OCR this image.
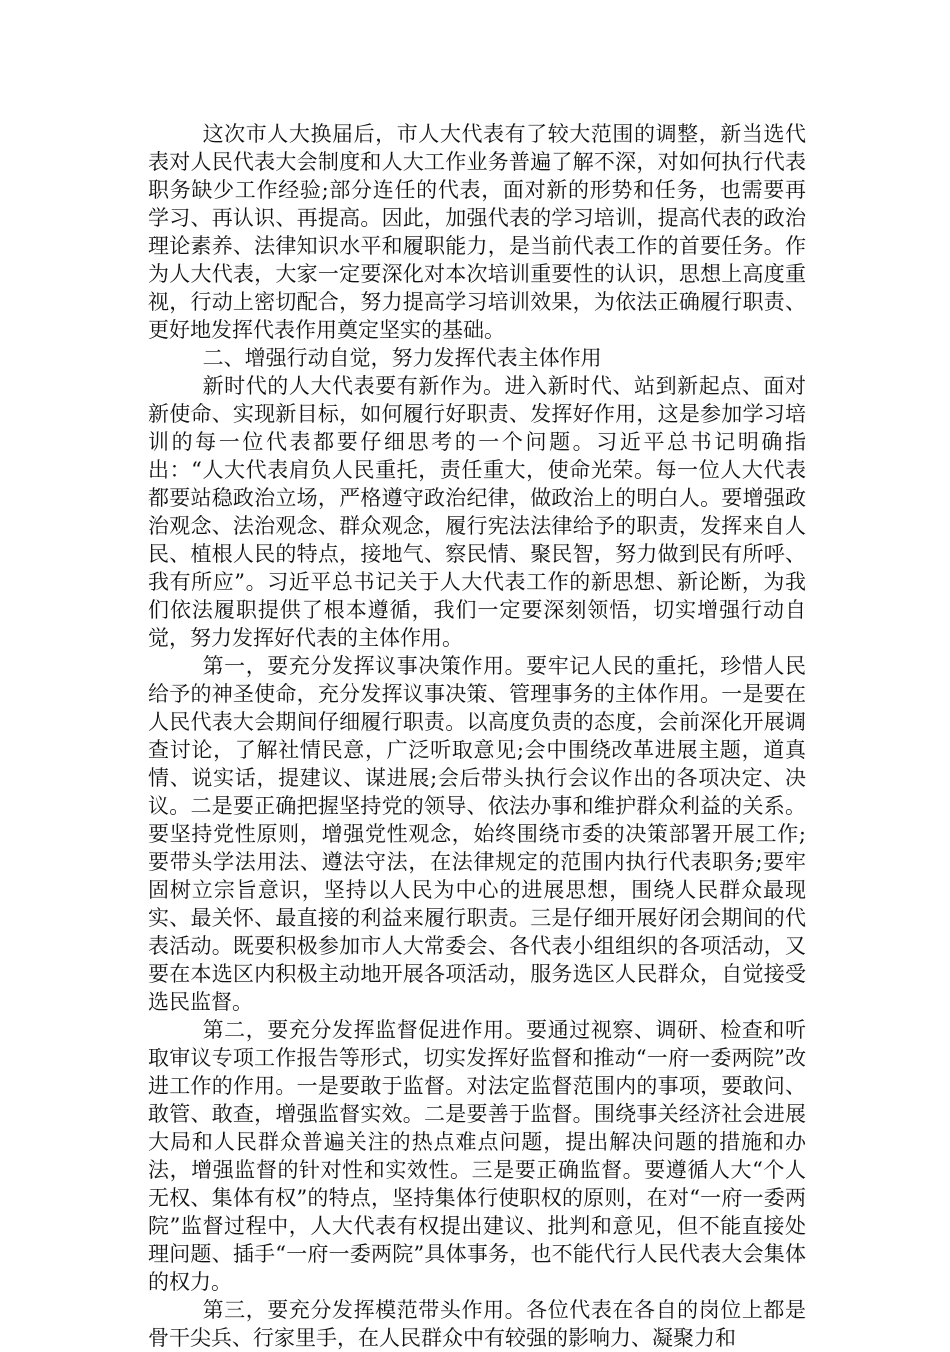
这次市人大换届后，市人大代表有了较大范围的调整，新当选代表对人民代表大会制度和人大工作业务普遍了解不深，对如何执行代表职务缺少工作经验;部分连任的代表，面对新的形势和任务，也需要再学习、再认识、再提高。因此，加强代表的学习培训，提高代表的政治理论素养、法律知识水平和履职能力，是当前代表工作的首要任务。作为人大代表，大家一定要深化对本次培训重要性的认识，思想上高度重视，行动上密切配合，努力提高学习培训效果，为依法正确履行职责、更好地发挥代表作用奠定坚实的基础。

二、增强行动自觉，努力发挥代表主体作用

新时代的人大代表要有新作为。进入新时代、站到新起点、面对新使命、实现新目标，如何履行好职责、发挥好作用，这是参加学习培训的每一位代表都要仔细思考的一个问题。习近平总书记明确指出：“人大代表肩负人民重托，责任重大，使命光荣。每一位人大代表都要站稳政治立场，严格遵守政治纪律，做政治上的明白人。要增强政治观念、法治观念、群众观念，履行宪法法律给予的职责，发挥来自人民、植根人民的特点，接地气、察民情、聚民智，努力做到民有所呼、我有所应”。习近平总书记关于人大代表工作的新思想、新论断，为我们依法履职提供了根本遵循，我们一定要深刻领悟，切实增强行动自觉，努力发挥好代表的主体作用。

第一，要充分发挥议事决策作用。要牢记人民的重托，珍惜人民给予的神圣使命，充分发挥议事决策、管理事务的主体作用。一是要在人民代表大会期间仔细履行职责。以高度负责的态度，会前深化开展调查讨论，了解社情民意，广泛听取意见;会中围绕改革进展主题，道真情、说实话，提建议、谋进展;会后带头执行会议作出的各项决定、决议。二是要正确把握坚持党的领导、依法办事和维护群众利益的关系。要坚持党性原则，增强党性观念，始终围绕市委的决策部署开展工作;要带头学法用法、遵法守法，在法律规定的范围内执行代表职务;要牢固树立宗旨意识，坚持以人民为中心的进展思想，围绕人民群众最现实、最关怀、最直接的利益来履行职责。三是仔细开展好闭会期间的代表活动。既要积极参加市人大常委会、各代表小组组织的各项活动，又要在本选区内积极主动地开展各项活动，服务选区人民群众，自觉接受选民监督。

第二，要充分发挥监督促进作用。要通过视察、调研、检查和听取审议专项工作报告等形式，切实发挥好监督和推动“一府一委两院”改进工作的作用。一是要敢于监督。对法定监督范围内的事项，要敢问、敢管、敢查，增强监督实效。二是要善于监督。围绕事关经济社会进展大局和人民群众普遍关注的热点难点问题，提出解决问题的措施和办法，增强监督的针对性和实效性。三是要正确监督。要遵循人大“个人无权、集体有权”的特点，坚持集体行使职权的原则，在对“一府一委两院”监督过程中，人大代表有权提出建议、批判和意见，但不能直接处理问题、插手“一府一委两院”具体事务，也不能代行人民代表大会集体的权力。

第三，要充分发挥模范带头作用。各位代表在各自的岗位上都是骨干尖兵、行家里手，在人民群众中有较强的影响力、凝聚力和
